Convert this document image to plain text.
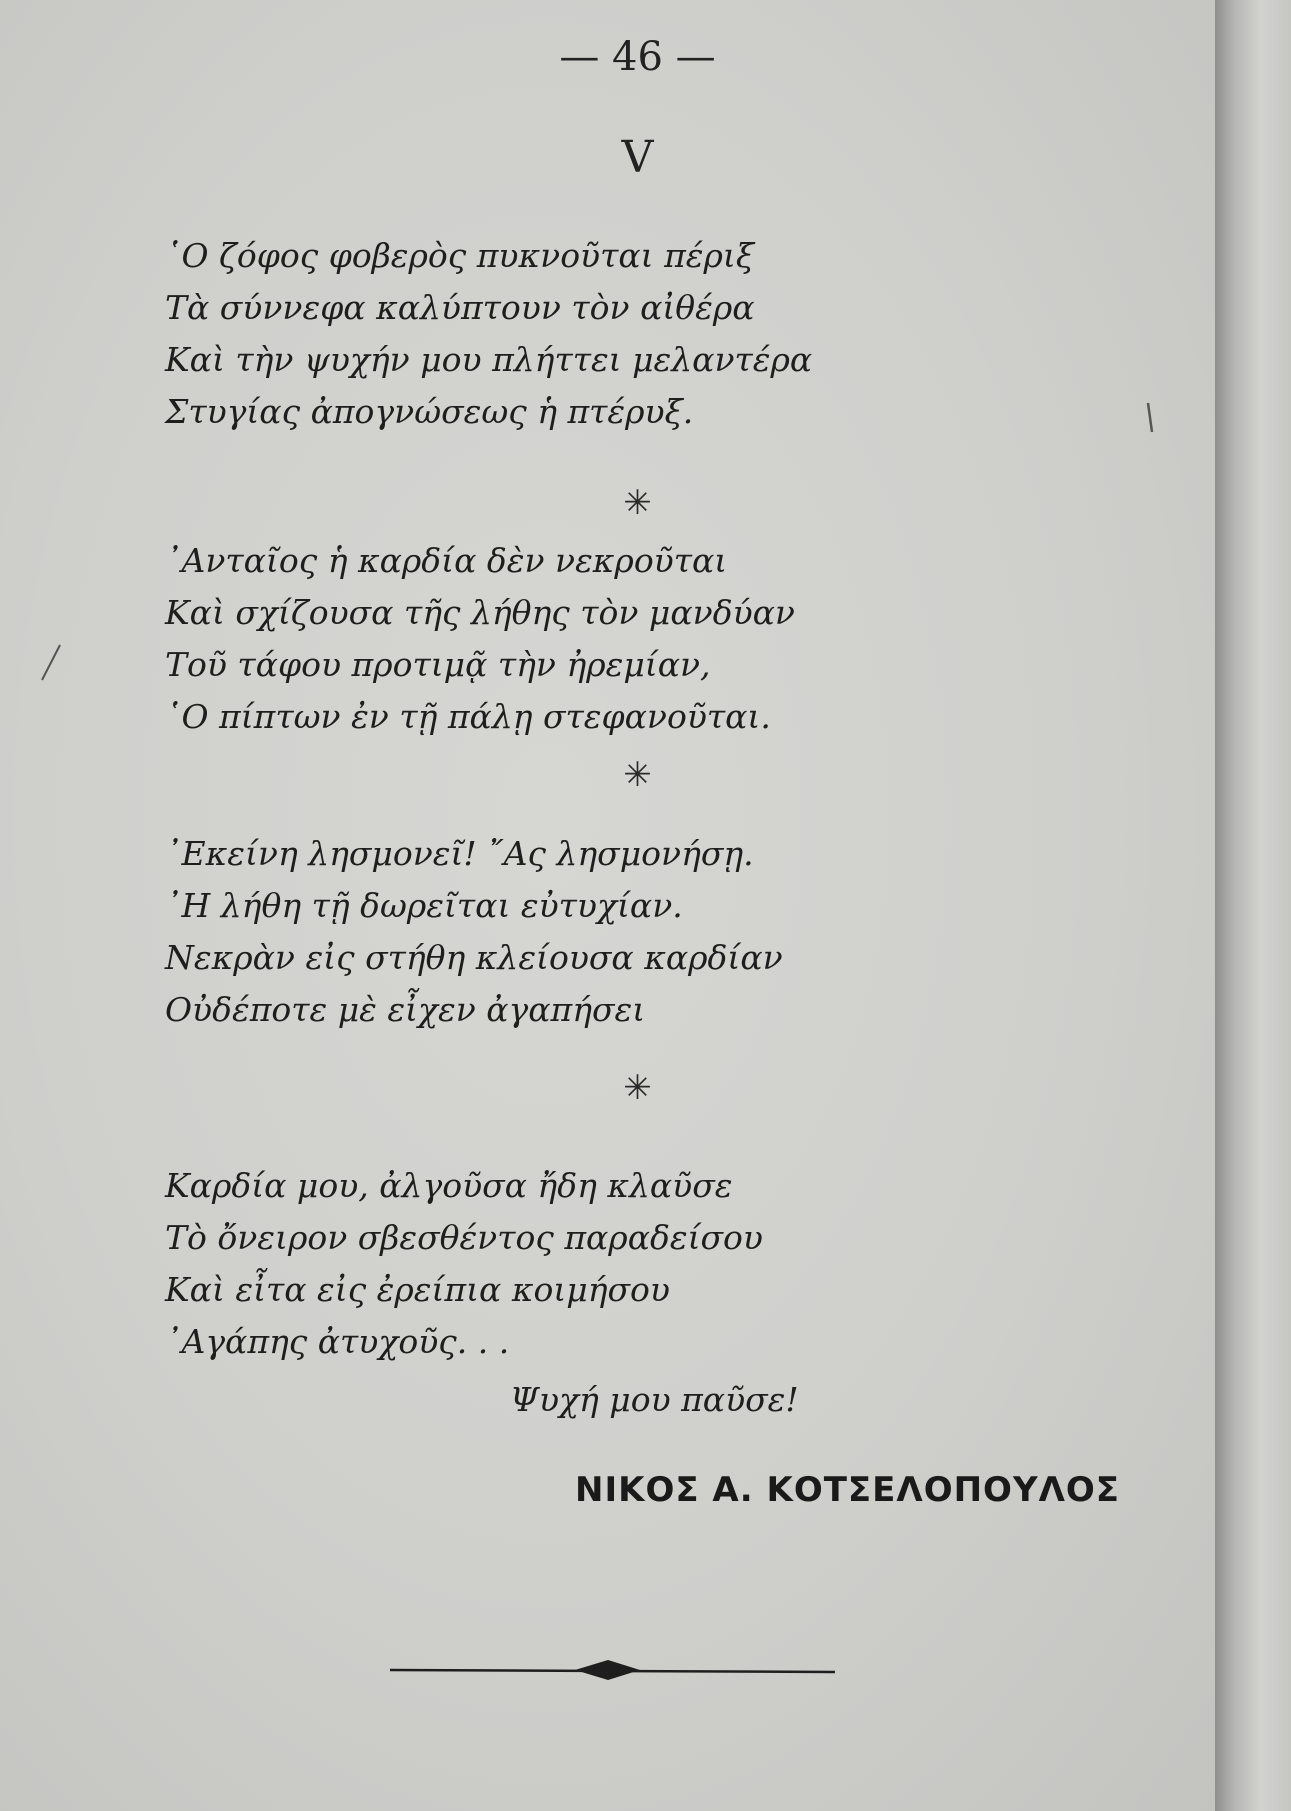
— 46 —
V
῾Ο ζόφος φοβερὸς πυκνοῦται πέριξ
Τὰ σύννεφα καλύπτουν τὸν αἰθέρα
Καὶ τὴν ψυχήν μου πλήττει μελαντέρα
Στυγίας ἀπογνώσεως ἡ πτέρυξ.
✳
᾿Ανταῖος ἡ καρδία δὲν νεκροῦται
Καὶ σχίζουσα τῆς λήθης τὸν μανδύαν
Τοῦ τάφου προτιμᾷ τὴν ἠρεμίαν,
῾Ο πίπτων ἐν τῇ πάλῃ στεφανοῦται.
✳
᾿Εκείνη λησμονεῖ! ῎Ας λησμονήσῃ.
᾿Η λήθη τῇ δωρεῖται εὐτυχίαν.
Νεκρὰν εἰς στήθη κλείουσα καρδίαν
Οὐδέποτε μὲ εἶχεν ἀγαπήσει
✳
Καρδία μου, ἀλγοῦσα ἤδη κλαῦσε
Τὸ ὄνειρον σβεσθέντος παραδείσου
Καὶ εἶτα εἰς ἐρείπια κοιμήσου
᾿Αγάπης ἀτυχοῦς. . .
Ψυχή μου παῦσε!
ΝΙΚΟΣ Α. ΚΟΤΣΕΛΟΠΟΥΛΟΣ
